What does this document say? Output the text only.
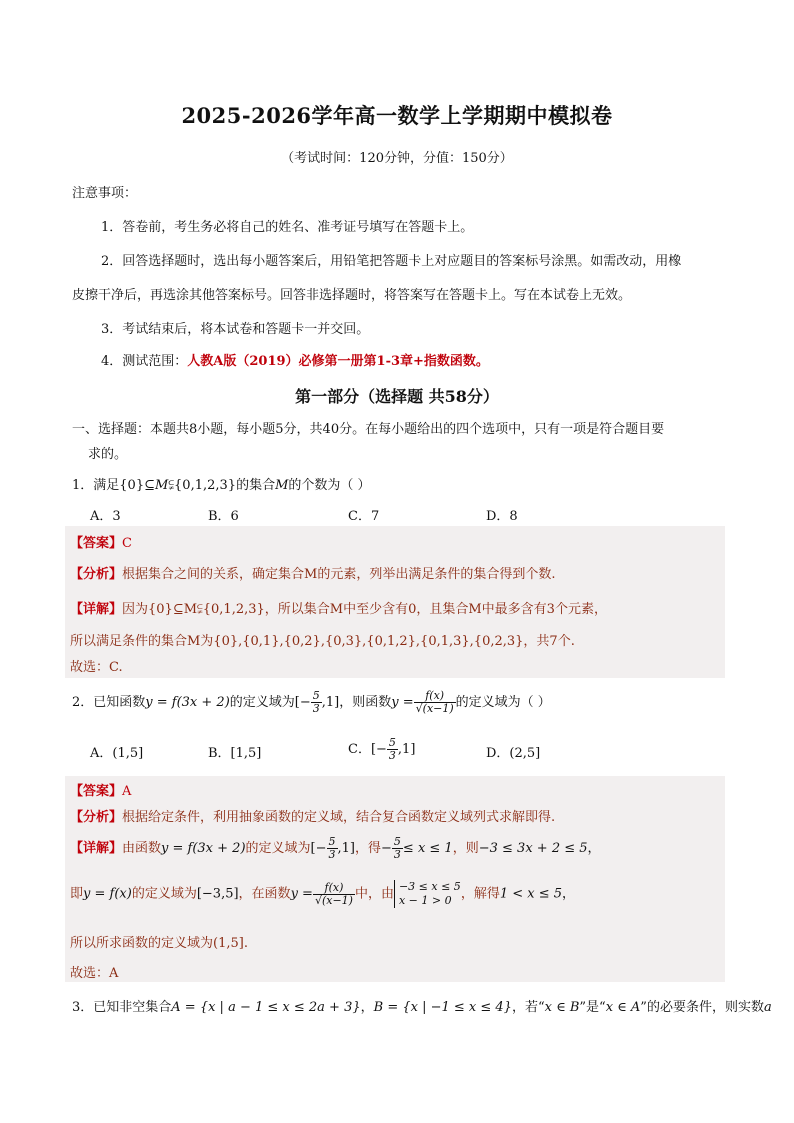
2025-2026学年高一数学上学期期中模拟卷
（考试时间：120分钟，分值：150分）
注意事项：
1．答卷前，考生务必将自己的姓名、准考证号填写在答题卡上。
2．回答选择题时，选出每小题答案后，用铅笔把答题卡上对应题目的答案标号涂黑。如需改动，用橡
皮擦干净后，再选涂其他答案标号。回答非选择题时，将答案写在答题卡上。写在本试卷上无效。
3．考试结束后，将本试卷和答题卡一并交回。
4．测试范围：人教A版（2019）必修第一册第1-3章+指数函数。
第一部分（选择题 共58分）
一、选择题：本题共8小题，每小题5分，共40分。在每小题给出的四个选项中，只有一项是符合题目要
求的。
1．满足{0}⊆M⫋{0,1,2,3}的集合M的个数为（ ）
A．3	B．6	C．7	D．8
【答案】C
【分析】根据集合之间的关系，确定集合M的元素，列举出满足条件的集合得到个数.
【详解】因为{0}⊆M⫋{0,1,2,3}，所以集合M中至少含有0，且集合M中最多含有3个元素，
所以满足条件的集合M为{0},{0,1},{0,2},{0,3},{0,1,2},{0,1,3},{0,2,3}，共7个.
故选：C.
2．已知函数y = f(3x + 2)的定义域为[− $\frac{5}{3} ,1$]，则函数$y = \frac{f(x)}{√(x-1)}$ 的定义域为（ ）
A．(1,5]	B．[1,5]	C．[− $\frac{5}{3} ,1$]	D．(2,5]
【答案】A
【分析】根据给定条件，利用抽象函数的定义域，结合复合函数定义域列式求解即得.
【详解】由函数y = f(3x + 2)的定义域为[− $\frac{5}{3} ,1$]，得− $\frac{5}{3} \le x \le 1$，则−3 ≤ 3x + 2 ≤ 5，
即y = f(x)的定义域为[−3,5]，在函数$y = \frac{f(x)}{√(x-1)}$ 中，由 −3 ≤ x ≤ 5
x − 1 > 0 ，解得1 < x ≤ 5，
所以所求函数的定义域为(1,5].
故选：A
3．已知非空集合A = {x | a − 1 ≤ x ≤ 2a + 3}，B = {x | −1 ≤ x ≤ 4}，若“x ∈ B”是“x ∈ A”的必要条件，则实数a
